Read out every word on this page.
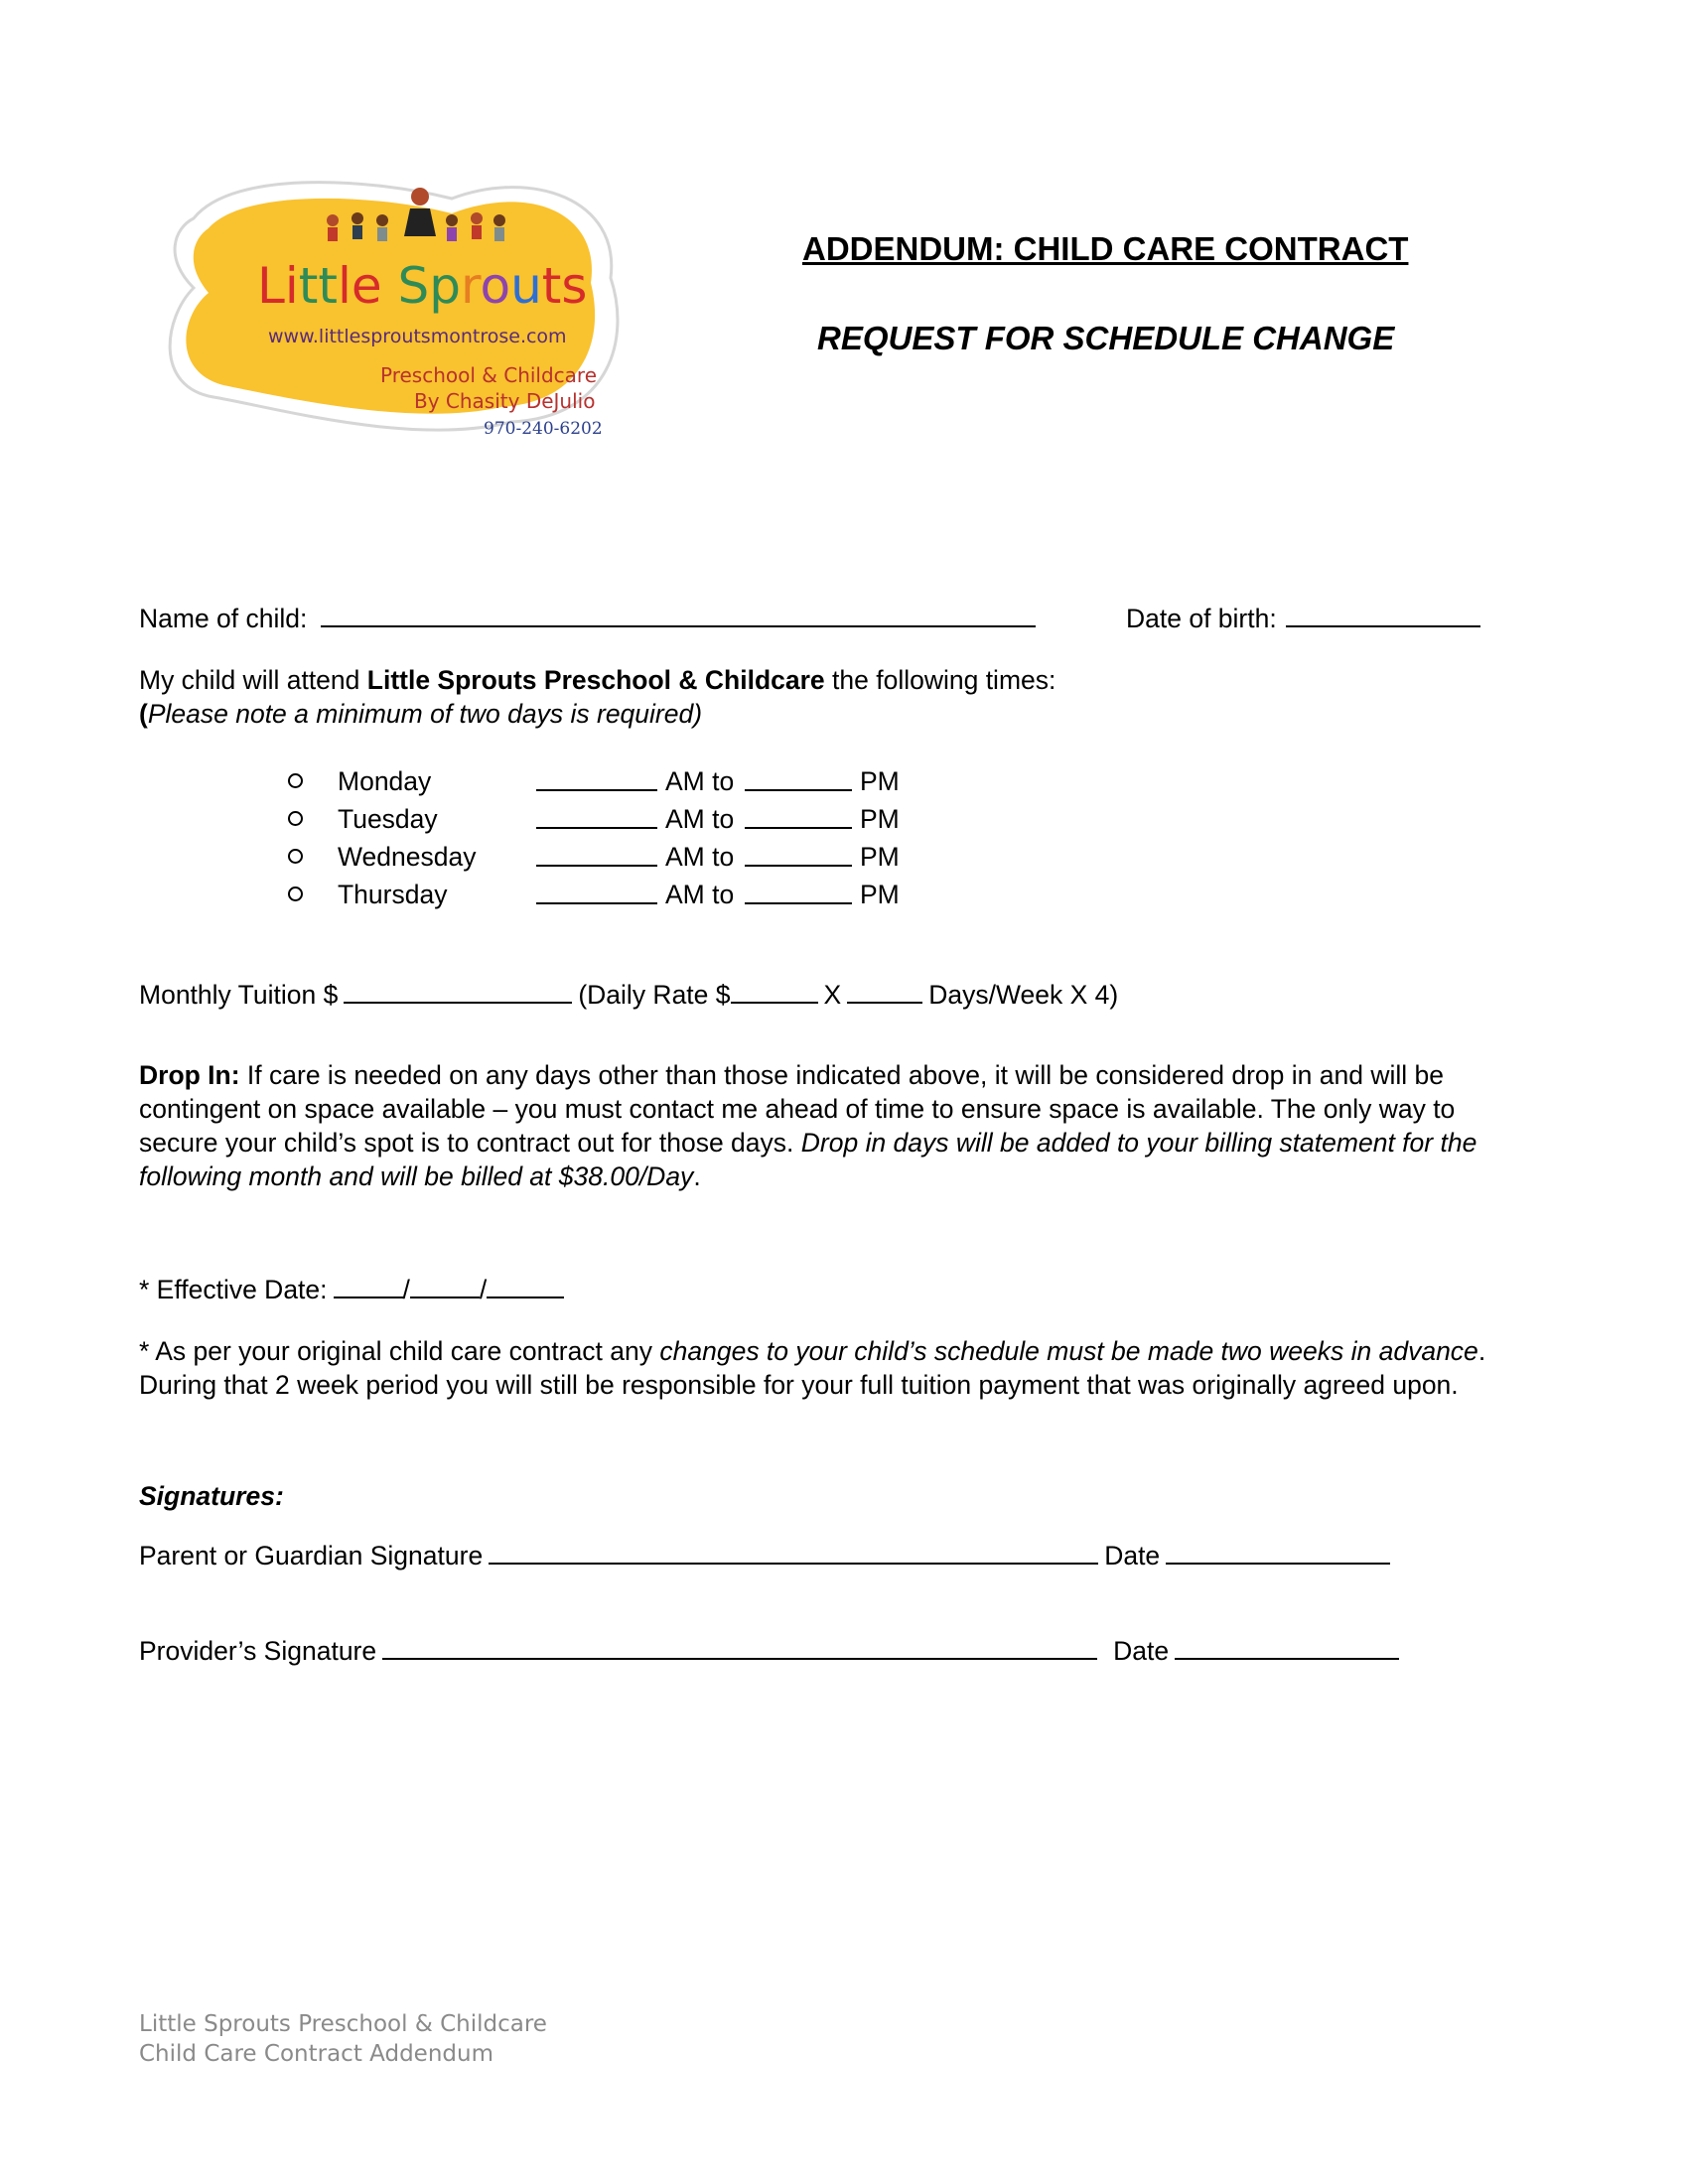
Little Sprouts
www.littlesproutsmontrose.com
Preschool & Childcare
By Chasity DeJulio
970-240-6202
ADDENDUM: CHILD CARE CONTRACT
REQUEST FOR SCHEDULE CHANGE
Name of child:	Date of birth:
My child will attend Little Sprouts Preschool & Childcare the following times:
(Please note a minimum of two days is required)
Monday	AM to	PM
Tuesday	AM to	PM
Wednesday	AM to	PM
Thursday	AM to	PM
Monthly Tuition $	(Daily Rate $	X	Days/Week X 4)
Drop In: If care is needed on any days other than those indicated above, it will be considered drop in and will be contingent on space available – you must contact me ahead of time to ensure space is available. The only way to secure your child’s spot is to contract out for those days. Drop in days will be added to your billing statement for the following month and will be billed at $38.00/Day.
* Effective Date:	/	/
* As per your original child care contract any changes to your child’s schedule must be made two weeks in advance. During that 2 week period you will still be responsible for your full tuition payment that was originally agreed upon.
Signatures:
Parent or Guardian Signature	Date
Provider’s Signature	Date
Little Sprouts Preschool & Childcare
Child Care Contract Addendum
